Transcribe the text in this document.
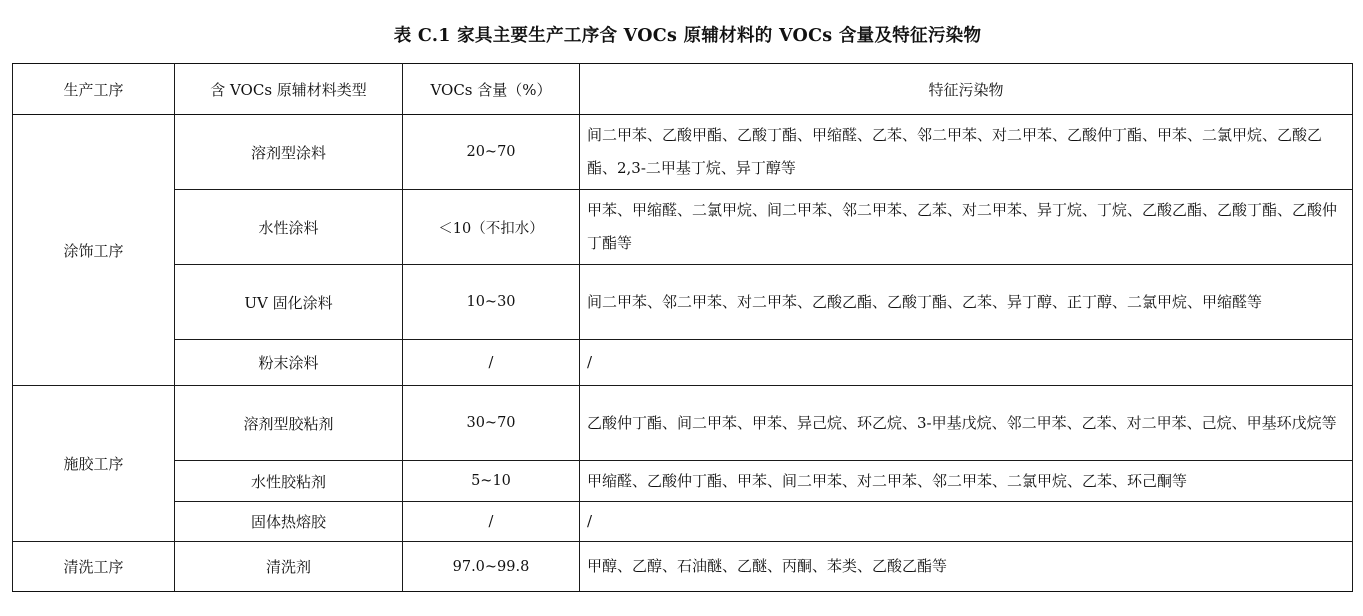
表 C.1 家具主要生产工序含 VOCs 原辅材料的 VOCs 含量及特征污染物
生产工序	含 VOCs 原辅材料类型	VOCs 含量（%）	特征污染物
涂饰工序	溶剂型涂料	20~70	间二甲苯、乙酸甲酯、乙酸丁酯、甲缩醛、乙苯、邻二甲苯、对二甲苯、乙酸仲丁酯、甲苯、二氯甲烷、乙酸乙酯、2,3-二甲基丁烷、异丁醇等
	水性涂料	＜10（不扣水）	甲苯、甲缩醛、二氯甲烷、间二甲苯、邻二甲苯、乙苯、对二甲苯、异丁烷、丁烷、乙酸乙酯、乙酸丁酯、乙酸仲丁酯等
	UV 固化涂料	10~30	间二甲苯、邻二甲苯、对二甲苯、乙酸乙酯、乙酸丁酯、乙苯、异丁醇、正丁醇、二氯甲烷、甲缩醛等
	粉末涂料	/	/
施胶工序	溶剂型胶粘剂	30~70	乙酸仲丁酯、间二甲苯、甲苯、异己烷、环乙烷、3-甲基戊烷、邻二甲苯、乙苯、对二甲苯、己烷、甲基环戊烷等
	水性胶粘剂	5~10	甲缩醛、乙酸仲丁酯、甲苯、间二甲苯、对二甲苯、邻二甲苯、二氯甲烷、乙苯、环己酮等
	固体热熔胶	/	/
清洗工序	清洗剂	97.0~99.8	甲醇、乙醇、石油醚、乙醚、丙酮、苯类、乙酸乙酯等
